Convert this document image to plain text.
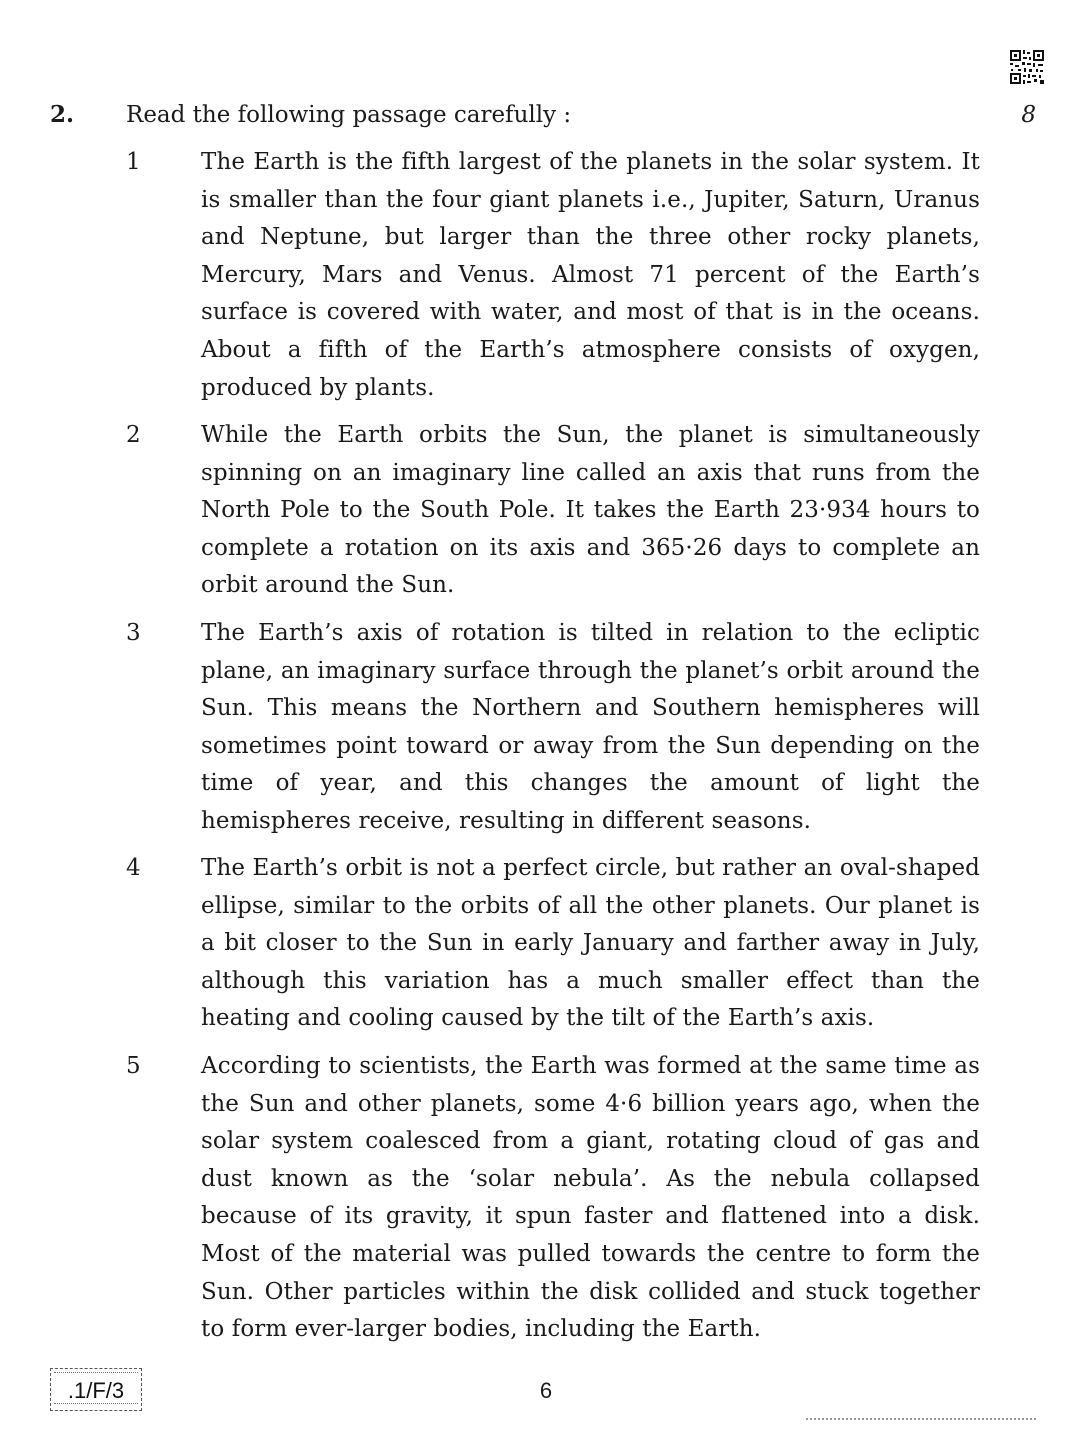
2. Read the following passage carefully :	8
1	The Earth is the fifth largest of the planets in the solar system. It is smaller than the four giant planets i.e., Jupiter, Saturn, Uranus and Neptune, but larger than the three other rocky planets, Mercury, Mars and Venus. Almost 71 percent of the Earth’s surface is covered with water, and most of that is in the oceans. About a fifth of the Earth’s atmosphere consists of oxygen, produced by plants.
2	While the Earth orbits the Sun, the planet is simultaneously spinning on an imaginary line called an axis that runs from the North Pole to the South Pole. It takes the Earth 23·934 hours to complete a rotation on its axis and 365·26 days to complete an orbit around the Sun.
3	The Earth’s axis of rotation is tilted in relation to the ecliptic plane, an imaginary surface through the planet’s orbit around the Sun. This means the Northern and Southern hemispheres will sometimes point toward or away from the Sun depending on the time of year, and this changes the amount of light the hemispheres receive, resulting in different seasons.
4	The Earth’s orbit is not a perfect circle, but rather an oval-shaped ellipse, similar to the orbits of all the other planets. Our planet is a bit closer to the Sun in early January and farther away in July, although this variation has a much smaller effect than the heating and cooling caused by the tilt of the Earth’s axis.
5	According to scientists, the Earth was formed at the same time as the Sun and other planets, some 4·6 billion years ago, when the solar system coalesced from a giant, rotating cloud of gas and dust known as the ‘solar nebula’. As the nebula collapsed because of its gravity, it spun faster and flattened into a disk. Most of the material was pulled towards the centre to form the Sun. Other particles within the disk collided and stuck together to form ever-larger bodies, including the Earth.
.1/F/3	6
